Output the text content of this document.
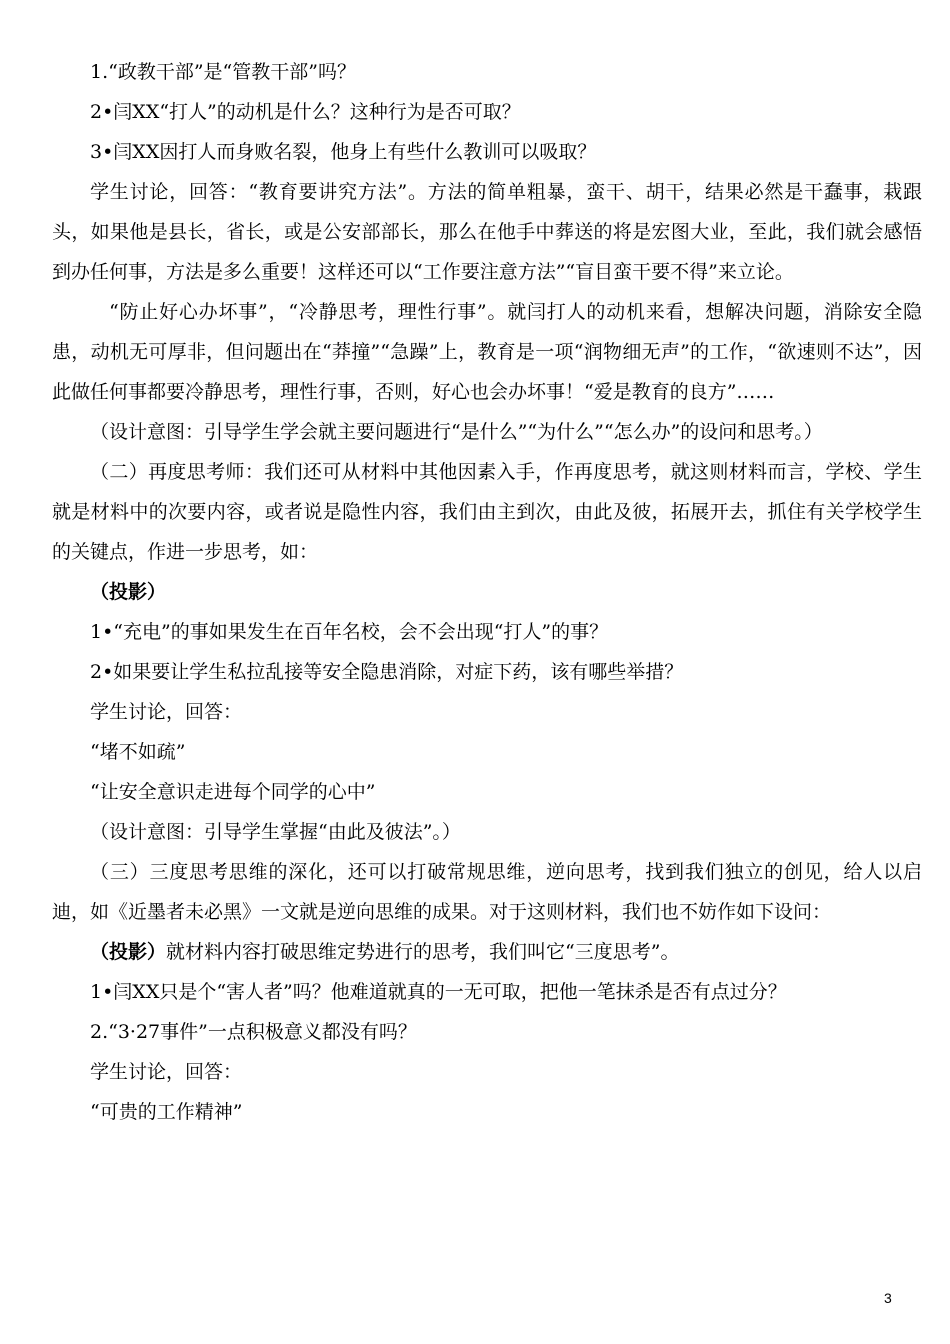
1.“政教干部”是“管教干部”吗？

2•闫XX“打人”的动机是什么？这种行为是否可取？

3•闫XX因打人而身败名裂，他身上有些什么教训可以吸取？

学生讨论，回答：“教育要讲究方法”。方法的简单粗暴，蛮干、胡干，结果必然是干蠢事，栽跟头，如果他是县长，省长，或是公安部部长，那么在他手中葬送的将是宏图大业，至此，我们就会感悟到办任何事，方法是多么重要！这样还可以“工作要注意方法”“盲目蛮干要不得”来立论。

“防止好心办坏事”，“冷静思考，理性行事”。就闫打人的动机来看，想解决问题，消除安全隐患，动机无可厚非，但问题出在“莽撞”“急躁”上，教育是一项“润物细无声”的工作，“欲速则不达”，因此做任何事都要冷静思考，理性行事，否则，好心也会办坏事！“爱是教育的良方”……

（设计意图：引导学生学会就主要问题进行“是什么”“为什么”“怎么办”的设问和思考。）

（二）再度思考师：我们还可从材料中其他因素入手，作再度思考，就这则材料而言，学校、学生就是材料中的次要内容，或者说是隐性内容，我们由主到次，由此及彼，拓展开去，抓住有关学校学生的关键点，作进一步思考，如：

（投影）

1•“充电”的事如果发生在百年名校，会不会出现“打人”的事？

2•如果要让学生私拉乱接等安全隐患消除，对症下药，该有哪些举措？

学生讨论，回答：

“堵不如疏”

“让安全意识走进每个同学的心中”

（设计意图：引导学生掌握“由此及彼法”。）

（三）三度思考思维的深化，还可以打破常规思维，逆向思考，找到我们独立的创见，给人以启迪，如《近墨者未必黑》一文就是逆向思维的成果。对于这则材料，我们也不妨作如下设问：

（投影）就材料内容打破思维定势进行的思考，我们叫它“三度思考”。

1•闫XX只是个“害人者”吗？他难道就真的一无可取，把他一笔抹杀是否有点过分？

2.“3·27事件”一点积极意义都没有吗？

学生讨论，回答：

“可贵的工作精神”

3
